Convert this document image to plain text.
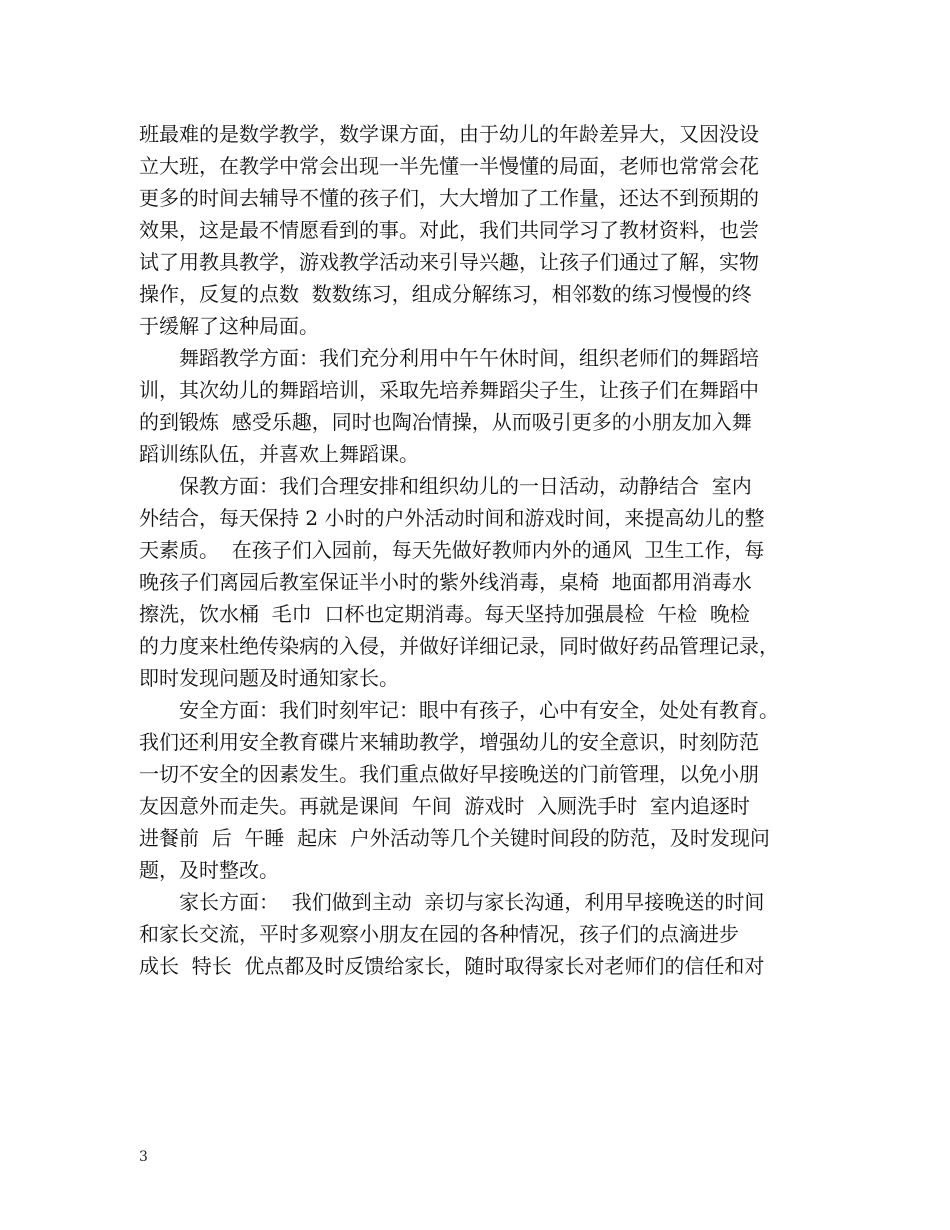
班最难的是数学教学，数学课方面，由于幼儿的年龄差异大，又因没设
立大班，在教学中常会出现一半先懂一半慢懂的局面，老师也常常会花
更多的时间去辅导不懂的孩子们，大大增加了工作量，还达不到预期的
效果，这是最不情愿看到的事。对此，我们共同学习了教材资料，也尝
试了用教具教学，游戏教学活动来引导兴趣，让孩子们通过了解，实物
操作，反复的点数  数数练习，组成分解练习，相邻数的练习慢慢的终
于缓解了这种局面。
舞蹈教学方面：我们充分利用中午午休时间，组织老师们的舞蹈培
训，其次幼儿的舞蹈培训，采取先培养舞蹈尖子生，让孩子们在舞蹈中
的到锻炼  感受乐趣，同时也陶冶情操，从而吸引更多的小朋友加入舞
蹈训练队伍，并喜欢上舞蹈课。
保教方面：我们合理安排和组织幼儿的一日活动，动静结合  室内
外结合，每天保持 2 小时的户外活动时间和游戏时间，来提高幼儿的整
天素质。  在孩子们入园前，每天先做好教师内外的通风  卫生工作，每
晚孩子们离园后教室保证半小时的紫外线消毒，桌椅  地面都用消毒水
擦洗，饮水桶  毛巾  口杯也定期消毒。每天坚持加强晨检  午检  晚检
的力度来杜绝传染病的入侵，并做好详细记录，同时做好药品管理记录，
即时发现问题及时通知家长。
安全方面：我们时刻牢记：眼中有孩子，心中有安全，处处有教育。
我们还利用安全教育碟片来辅助教学，增强幼儿的安全意识，时刻防范
一切不安全的因素发生。我们重点做好早接晚送的门前管理，以免小朋
友因意外而走失。再就是课间  午间  游戏时  入厕洗手时  室内追逐时
进餐前  后  午睡  起床  户外活动等几个关键时间段的防范，及时发现问
题，及时整改。
家长方面：  我们做到主动  亲切与家长沟通，利用早接晚送的时间
和家长交流，平时多观察小朋友在园的各种情况，孩子们的点滴进步
成长  特长  优点都及时反馈给家长，随时取得家长对老师们的信任和对
3
